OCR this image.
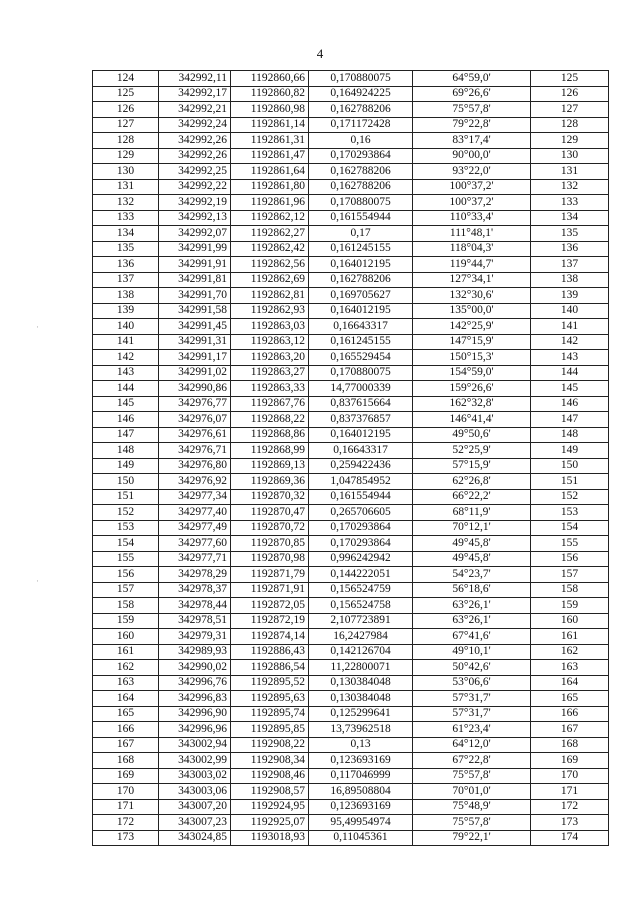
4
124	342992,11	1192860,66	0,170880075	64°59,0'	125
125	342992,17	1192860,82	0,164924225	69°26,6'	126
126	342992,21	1192860,98	0,162788206	75°57,8'	127
127	342992,24	1192861,14	0,171172428	79°22,8'	128
128	342992,26	1192861,31	0,16	83°17,4'	129
129	342992,26	1192861,47	0,170293864	90°00,0'	130
130	342992,25	1192861,64	0,162788206	93°22,0'	131
131	342992,22	1192861,80	0,162788206	100°37,2'	132
132	342992,19	1192861,96	0,170880075	100°37,2'	133
133	342992,13	1192862,12	0,161554944	110°33,4'	134
134	342992,07	1192862,27	0,17	111°48,1'	135
135	342991,99	1192862,42	0,161245155	118°04,3'	136
136	342991,91	1192862,56	0,164012195	119°44,7'	137
137	342991,81	1192862,69	0,162788206	127°34,1'	138
138	342991,70	1192862,81	0,169705627	132°30,6'	139
139	342991,58	1192862,93	0,164012195	135°00,0'	140
140	342991,45	1192863,03	0,16643317	142°25,9'	141
141	342991,31	1192863,12	0,161245155	147°15,9'	142
142	342991,17	1192863,20	0,165529454	150°15,3'	143
143	342991,02	1192863,27	0,170880075	154°59,0'	144
144	342990,86	1192863,33	14,77000339	159°26,6'	145
145	342976,77	1192867,76	0,837615664	162°32,8'	146
146	342976,07	1192868,22	0,837376857	146°41,4'	147
147	342976,61	1192868,86	0,164012195	49°50,6'	148
148	342976,71	1192868,99	0,16643317	52°25,9'	149
149	342976,80	1192869,13	0,259422436	57°15,9'	150
150	342976,92	1192869,36	1,047854952	62°26,8'	151
151	342977,34	1192870,32	0,161554944	66°22,2'	152
152	342977,40	1192870,47	0,265706605	68°11,9'	153
153	342977,49	1192870,72	0,170293864	70°12,1'	154
154	342977,60	1192870,85	0,170293864	49°45,8'	155
155	342977,71	1192870,98	0,996242942	49°45,8'	156
156	342978,29	1192871,79	0,144222051	54°23,7'	157
157	342978,37	1192871,91	0,156524759	56°18,6'	158
158	342978,44	1192872,05	0,156524758	63°26,1'	159
159	342978,51	1192872,19	2,107723891	63°26,1'	160
160	342979,31	1192874,14	16,2427984	67°41,6'	161
161	342989,93	1192886,43	0,142126704	49°10,1'	162
162	342990,02	1192886,54	11,22800071	50°42,6'	163
163	342996,76	1192895,52	0,130384048	53°06,6'	164
164	342996,83	1192895,63	0,130384048	57°31,7'	165
165	342996,90	1192895,74	0,125299641	57°31,7'	166
166	342996,96	1192895,85	13,73962518	61°23,4'	167
167	343002,94	1192908,22	0,13	64°12,0'	168
168	343002,99	1192908,34	0,123693169	67°22,8'	169
169	343003,02	1192908,46	0,117046999	75°57,8'	170
170	343003,06	1192908,57	16,89508804	70°01,0'	171
171	343007,20	1192924,95	0,123693169	75°48,9'	172
172	343007,23	1192925,07	95,49954974	75°57,8'	173
173	343024,85	1193018,93	0,11045361	79°22,1'	174
·
·
